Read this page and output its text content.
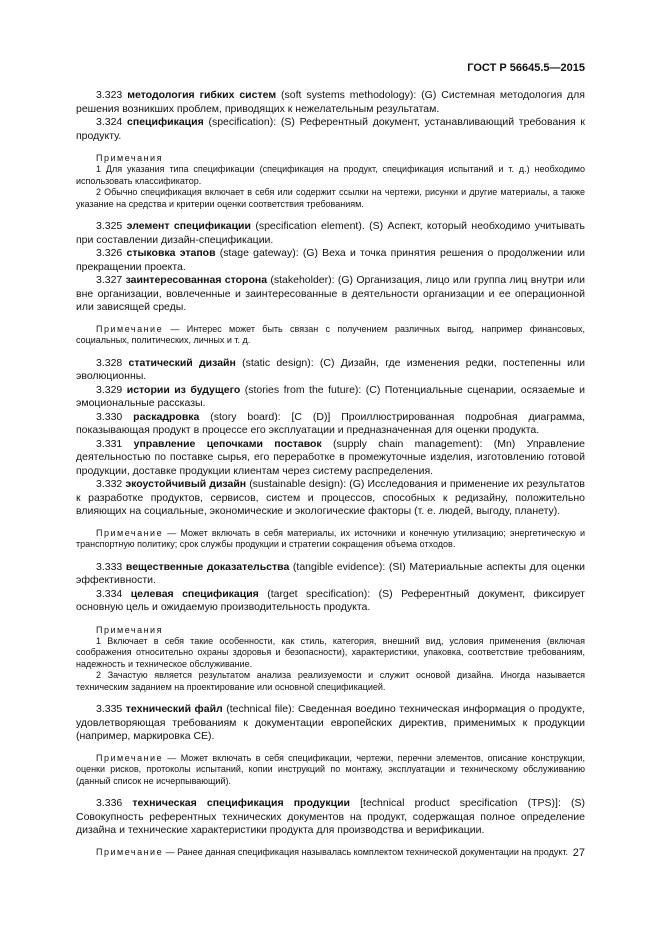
ГОСТ Р 56645.5—2015

3.323 методология гибких систем (soft systems methodology): (G) Системная методология для решения возникших проблем, приводящих к нежелательным результатам.

3.324 спецификация (specification): (S) Референтный документ, устанавливающий требования к продукту.

Примечания

1 Для указания типа спецификации (спецификация на продукт, спецификация испытаний и т. д.) необходимо использовать классификатор.

2 Обычно спецификация включает в себя или содержит ссылки на чертежи, рисунки и другие материалы, а также указание на средства и критерии оценки соответствия требованиям.

3.325 элемент спецификации (specification element). (S) Аспект, который необходимо учитывать при составлении дизайн-спецификации.

3.326 стыковка этапов (stage gateway): (G) Веха и точка принятия решения о продолжении или прекращении проекта.

3.327 заинтересованная сторона (stakeholder): (G) Организация, лицо или группа лиц внутри или вне организации, вовлеченные и заинтересованные в деятельности организации и ее операционной или зависящей среды.

Примечание — Интерес может быть связан с получением различных выгод, например финансовых, социальных, политических, личных и т. д.

3.328 статический дизайн (static design): (C) Дизайн, где изменения редки, постепенны или эволюционны.

3.329 истории из будущего (stories from the future): (C) Потенциальные сценарии, осязаемые и эмоциональные рассказы.

3.330 раскадровка (story board): [C (D)] Проиллюстрированная подробная диаграмма, показывающая продукт в процессе его эксплуатации и предназначенная для оценки продукта.

3.331 управление цепочками поставок (supply chain management): (Mn) Управление деятельностью по поставке сырья, его переработке в промежуточные изделия, изготовлению готовой продукции, доставке продукции клиентам через систему распределения.

3.332 экоустойчивый дизайн (sustainable design): (G) Исследования и применение их результатов к разработке продуктов, сервисов, систем и процессов, способных к редизайну, положительно влияющих на социальные, экономические и экологические факторы (т. е. людей, выгоду, планету).

Примечание — Может включать в себя материалы, их источники и конечную утилизацию; энергетическую и транспортную политику; срок службы продукции и стратегии сокращения объема отходов.

3.333 вещественные доказательства (tangible evidence): (SI) Материальные аспекты для оценки эффективности.

3.334 целевая спецификация (target specification): (S) Референтный документ, фиксирует основную цель и ожидаемую производительность продукта.

Примечания

1 Включает в себя такие особенности, как стиль, категория, внешний вид, условия применения (включая соображения относительно охраны здоровья и безопасности), характеристики, упаковка, соответствие требованиям, надежность и техническое обслуживание.

2 Зачастую является результатом анализа реализуемости и служит основой дизайна. Иногда называется техническим заданием на проектирование или основной спецификацией.

3.335 технический файл (technical file): Сведенная воедино техническая информация о продукте, удовлетворяющая требованиям к документации европейских директив, применимых к продукции (например, маркировка CE).

Примечание — Может включать в себя спецификации, чертежи, перечни элементов, описание конструкции, оценки рисков, протоколы испытаний, копии инструкций по монтажу, эксплуатации и техническому обслуживанию (данный список не исчерпывающий).

3.336 техническая спецификация продукции [technical product specification (TPS)]: (S) Совокупность референтных технических документов на продукт, содержащая полное определение дизайна и технические характеристики продукта для производства и верификации.

Примечание — Ранее данная спецификация называлась комплектом технической документации на продукт. 27
